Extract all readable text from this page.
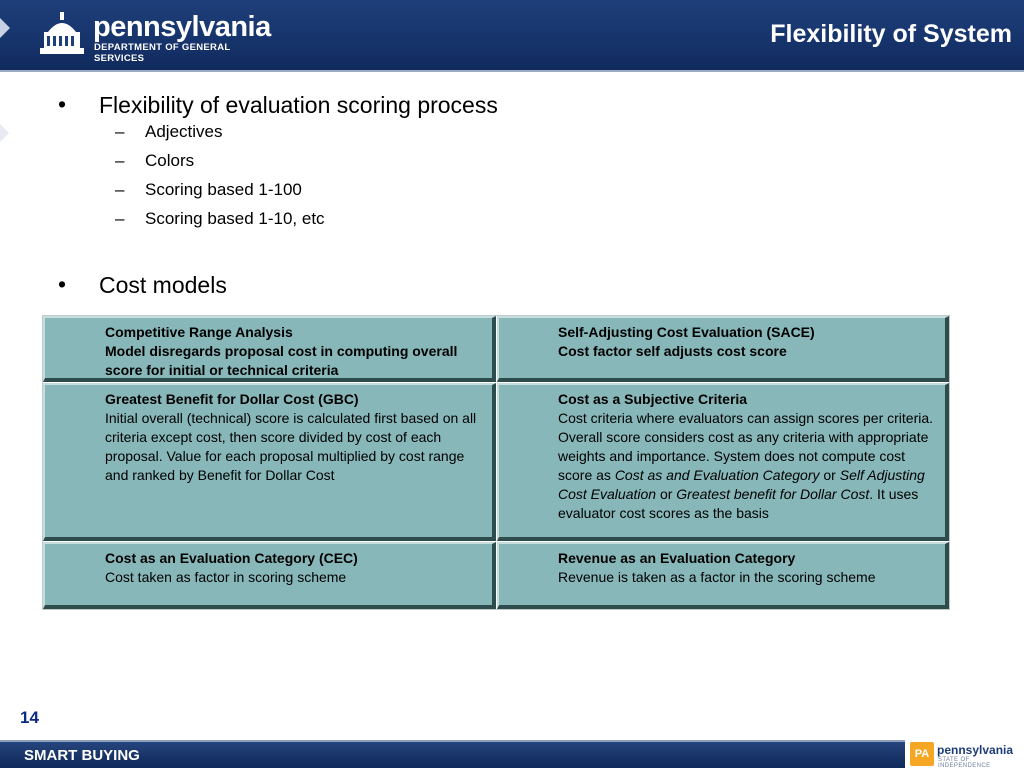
pennsylvania
DEPARTMENT OF GENERAL SERVICES
Flexibility of System
• Flexibility of evaluation scoring process
– Adjectives
– Colors
– Scoring based 1-100
– Scoring based 1-10, etc
• Cost models
Competitive Range Analysis
Model disregards proposal cost in computing overall score for initial or technical criteria
Self-Adjusting Cost Evaluation (SACE)
Cost factor self adjusts cost score
Greatest Benefit for Dollar Cost (GBC)
Initial overall (technical) score is calculated first based on all criteria except cost, then score divided by cost of each proposal. Value for each proposal multiplied by cost range and ranked by Benefit for Dollar Cost
Cost as a Subjective Criteria
Cost criteria where evaluators can assign scores per criteria. Overall score considers cost as any criteria with appropriate weights and importance. System does not compute cost score as Cost as and Evaluation Category or Self Adjusting Cost Evaluation or Greatest benefit for Dollar Cost. It uses evaluator cost scores as the basis
Cost as an Evaluation Category (CEC)
Cost taken as factor in scoring scheme
Revenue as an Evaluation Category
Revenue is taken as a factor in the scoring scheme
14
SMART BUYING	PA pennsylvania
STATE OF INDEPENDENCE
